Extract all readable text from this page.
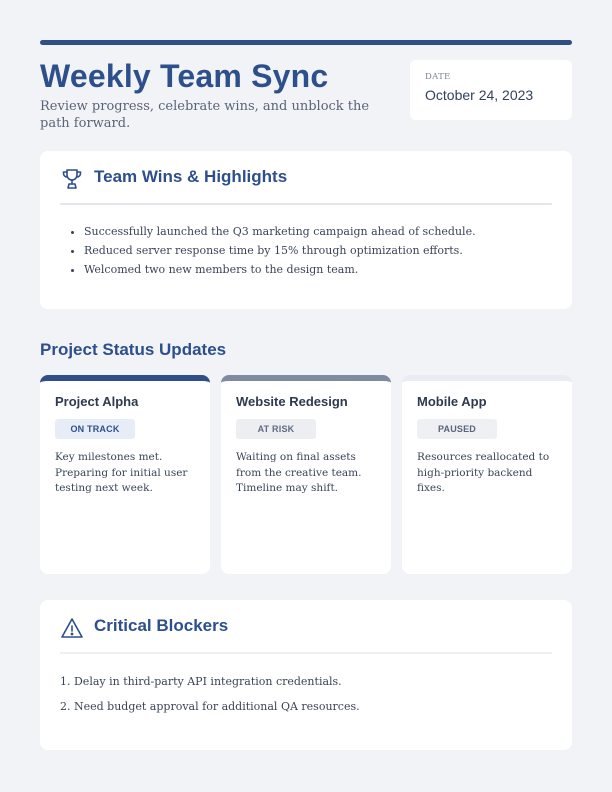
Weekly Team Sync

Review progress, celebrate wins, and unblock the path forward.

DATE
October 24, 2023
Team Wins & Highlights
• Successfully launched the Q3 marketing campaign ahead of schedule.
• Reduced server response time by 15% through optimization efforts.
• Welcomed two new members to the design team.
Project Status Updates
Project Alpha
ON TRACK
Key milestones met. Preparing for initial user testing next week.
Website Redesign
AT RISK
Waiting on final assets from the creative team. Timeline may shift.
Mobile App
PAUSED
Resources reallocated to high-priority backend fixes.
Critical Blockers
1. Delay in third-party API integration credentials.
2. Need budget approval for additional QA resources.
